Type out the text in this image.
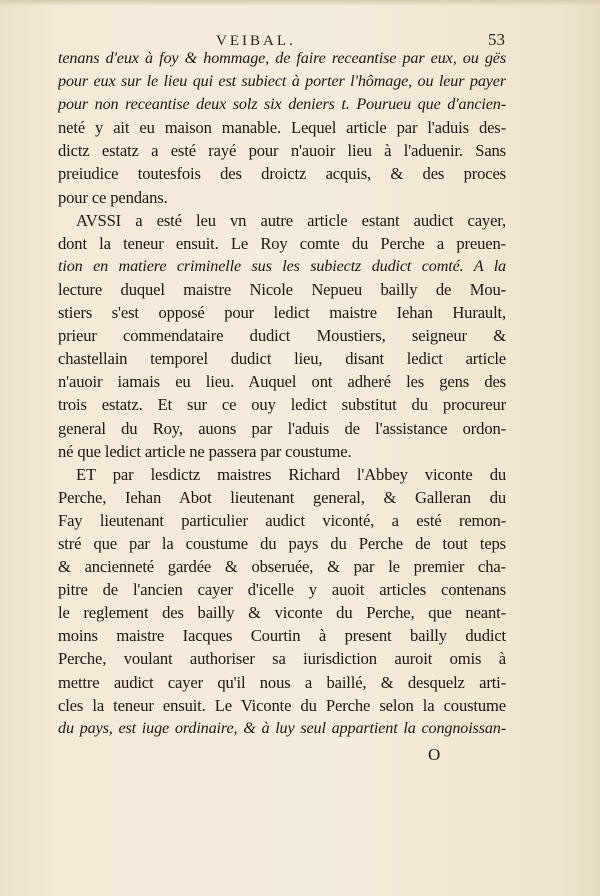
VEIBAL.	53
tenans d'eux à foy & hommage, de faire receantise par eux, ou gës
pour eux sur le lieu qui est subiect à porter l'hômage, ou leur payer
pour non receantise deux solz six deniers t. Pourueu que d'ancien-
neté y ait eu maison manable. Lequel article par l'aduis des-
dictz estatz a esté rayé pour n'auoir lieu à l'aduenir. Sans
preiudice toutesfois des droictz acquis, & des proces
pour ce pendans.
AVSSI a esté leu vn autre article estant audict cayer,
dont la teneur ensuit. Le Roy comte du Perche a preuen-
tion en matiere criminelle sus les subiectz dudict comté. A la
lecture duquel maistre Nicole Nepueu bailly de Mou-
stiers s'est opposé pour ledict maistre Iehan Hurault,
prieur commendataire dudict Moustiers, seigneur &
chastellain temporel dudict lieu, disant ledict article
n'auoir iamais eu lieu. Auquel ont adheré les gens des
trois estatz. Et sur ce ouy ledict substitut du procureur
general du Roy, auons par l'aduis de l'assistance ordon-
né que ledict article ne passera par coustume.
ET par lesdictz maistres Richard l'Abbey viconte du
Perche, Iehan Abot lieutenant general, & Galleran du
Fay lieutenant particulier audict viconté, a esté remon-
stré que par la coustume du pays du Perche de tout teps
& ancienneté gardée & obseruée, & par le premier cha-
pitre de l'ancien cayer d'icelle y auoit articles contenans
le reglement des bailly & viconte du Perche, que neant-
moins maistre Iacques Courtin à present bailly dudict
Perche, voulant authoriser sa iurisdiction auroit omis à
mettre audict cayer qu'il nous a baillé, & desquelz arti-
cles la teneur ensuit. Le Viconte du Perche selon la coustume
du pays, est iuge ordinaire, & à luy seul appartient la congnoissan-
O
